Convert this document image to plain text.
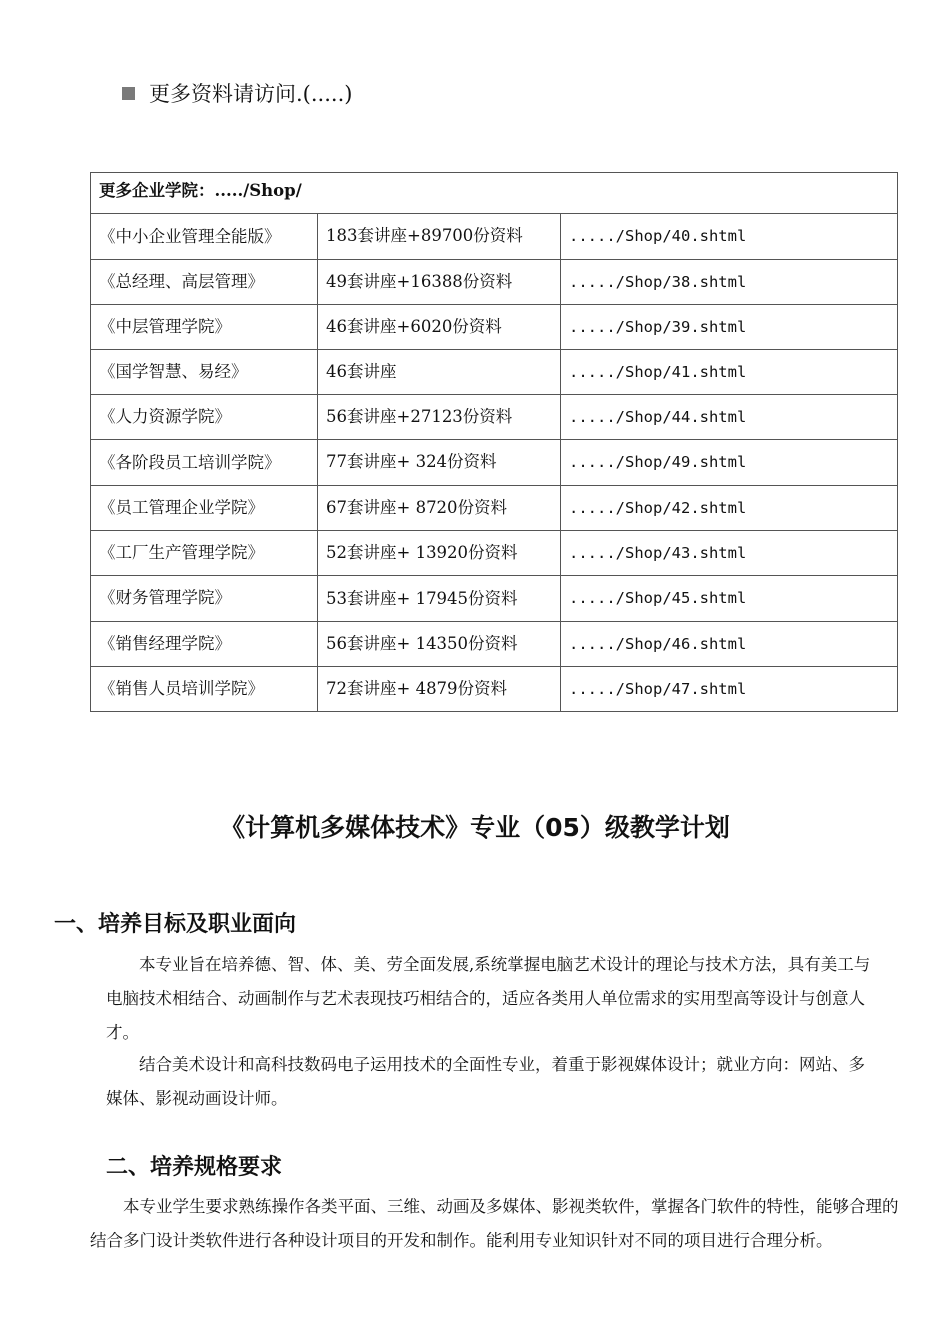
更多资料请访问.(.....)
更多企业学院：...../Shop/		
《中小企业管理全能版》	183套讲座+89700份资料	...../Shop/40.shtml
《总经理、高层管理》	49套讲座+16388份资料	...../Shop/38.shtml
《中层管理学院》	46套讲座+6020份资料	...../Shop/39.shtml
《国学智慧、易经》	46套讲座	...../Shop/41.shtml
《人力资源学院》	56套讲座+27123份资料	...../Shop/44.shtml
《各阶段员工培训学院》	77套讲座+ 324份资料	...../Shop/49.shtml
《员工管理企业学院》	67套讲座+ 8720份资料	...../Shop/42.shtml
《工厂生产管理学院》	52套讲座+ 13920份资料	...../Shop/43.shtml
《财务管理学院》	53套讲座+ 17945份资料	...../Shop/45.shtml
《销售经理学院》	56套讲座+ 14350份资料	...../Shop/46.shtml
《销售人员培训学院》	72套讲座+ 4879份资料	...../Shop/47.shtml
《计算机多媒体技术》专业（05）级教学计划
一、培养目标及职业面向

本专业旨在培养德、智、体、美、劳全面发展,系统掌握电脑艺术设计的理论与技术方法，具有美工与电脑技术相结合、动画制作与艺术表现技巧相结合的，适应各类用人单位需求的实用型高等设计与创意人才。

结合美术设计和高科技数码电子运用技术的全面性专业，着重于影视媒体设计；就业方向：网站、多媒体、影视动画设计师。

二、培养规格要求

本专业学生要求熟练操作各类平面、三维、动画及多媒体、影视类软件，掌握各门软件的特性，能够合理的结合多门设计类软件进行各种设计项目的开发和制作。能利用专业知识针对不同的项目进行合理分析。
